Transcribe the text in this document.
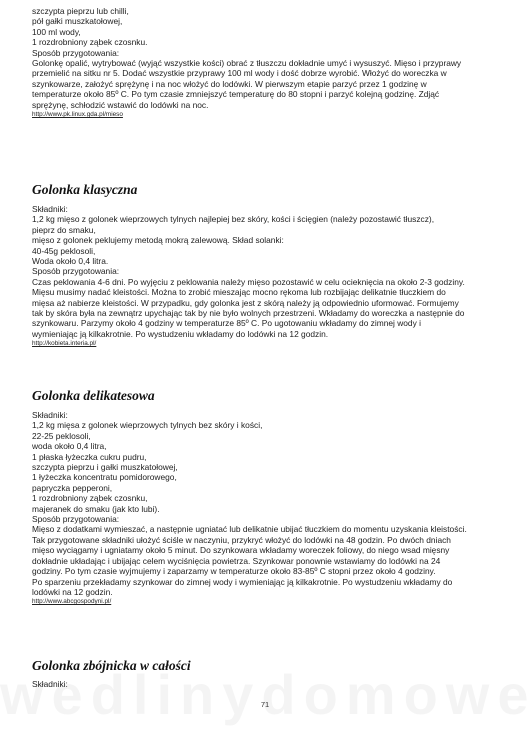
szczypta pieprzu lub chilli,
pół gałki muszkatołowej,
100 ml wody,
1 rozdrobniony ząbek czosnku.
Sposób przygotowania:
Golonkę opalić, wytrybować (wyjąć wszystkie kości) obrać z tłuszczu dokładnie umyć i wysuszyć. Mięso i przyprawy
przemielić na sitku nr 5. Dodać wszystkie przyprawy 100 ml wody i dość dobrze wyrobić. Włożyć do woreczka w
szynkowarze, założyć sprężynę i na noc włożyć do lodówki. W pierwszym etapie parzyć przez 1 godzinę w
temperaturze około 85º C. Po tym czasie zmniejszyć temperaturę do 80 stopni i parzyć kolejną godzinę. Zdjąć
sprężynę, schłodzić wstawić do lodówki na noc.
http://www.pk.linux.gda.pl/mieso
Golonka klasyczna
Składniki:
1,2 kg mięso z golonek wieprzowych tylnych najlepiej bez skóry, kości i ścięgien (należy pozostawić tłuszcz),
pieprz do smaku,
mięso z golonek peklujemy metodą mokrą zalewową. Skład solanki:
40-45g peklosoli,
Woda około 0,4 litra.
Sposób przygotowania:
Czas peklowania 4-6 dni. Po wyjęciu z peklowania należy mięso pozostawić w celu ocieknięcia na około 2-3 godziny.
Mięsu musimy nadać kleistości. Można to zrobić mieszając mocno rękoma lub rozbijając delikatnie tłuczkiem do
mięsa aż nabierze kleistości. W przypadku, gdy golonka jest z skórą należy ją odpowiednio uformować. Formujemy
tak by skóra była na zewnątrz upychając tak by nie było wolnych przestrzeni. Wkładamy do woreczka a następnie do
szynkowaru. Parzymy około 4 godziny w temperaturze 85º C. Po ugotowaniu wkładamy do zimnej wody i
wymieniając ją kilkakrotnie. Po wystudzeniu wkładamy do lodówki na 12 godzin.
http://kobieta.interia.pl/
Golonka delikatesowa
Składniki:
1,2 kg mięsa z golonek wieprzowych tylnych bez skóry i kości,
22-25 peklosoli,
woda około 0,4 litra,
1 płaska łyżeczka cukru pudru,
szczypta pieprzu i gałki muszkatołowej,
1 łyżeczka koncentratu pomidorowego,
papryczka pepperoni,
1 rozdrobniony ząbek czosnku,
majeranek do smaku (jak kto lubi).
Sposób przygotowania:
Mięso z dodatkami wymieszać, a następnie ugniatać lub delikatnie ubijać tłuczkiem do momentu uzyskania kleistości.
Tak przygotowane składniki ułożyć ściśle w naczyniu, przykryć włożyć do lodówki na 48 godzin. Po dwóch dniach
mięso wyciągamy i ugniatamy około 5 minut. Do szynkowara wkładamy woreczek foliowy, do niego wsad mięsny
dokładnie układając i ubijając celem wyciśnięcia powietrza. Szynkowar ponownie wstawiamy do lodówki na 24
godziny. Po tym czasie wyjmujemy i zaparzamy w temperaturze około 83-85º C stopni przez około 4 godziny.
Po sparzeniu przekładamy szynkowar do zimnej wody i wymieniając ją kilkakrotnie. Po wystudzeniu wkładamy do
lodówki na 12 godzin.
http://www.abcgospodyni.pl/
Golonka zbójnicka w całości
Składniki:
71
